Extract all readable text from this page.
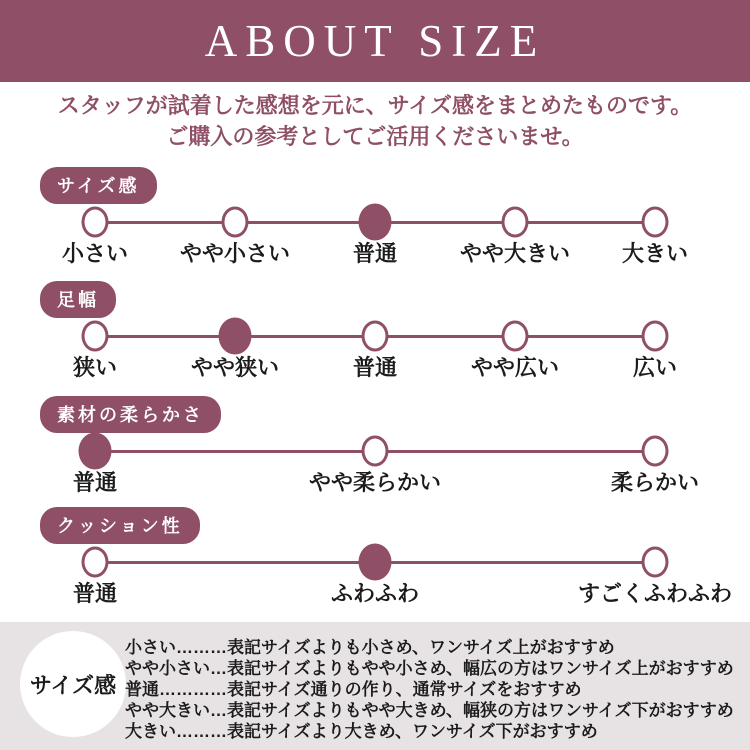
ABOUT SIZE
スタッフが試着した感想を元に、サイズ感をまとめたものです。
ご購入の参考としてご活用くださいませ。
サイズ感
小さい やや小さい	普通	やや大きい 大きい
足幅
狭い	やや狭い	普通	やや広い	広い
素材の柔らかさ
普通	やや柔らかい	柔らかい
クッション性
普通	ふわふわ	すごくふわふわ
サイズ感
小さい………表記サイズよりも小さめ、ワンサイズ上がおすすめ
やや小さい…表記サイズよりもやや小さめ、幅広の方はワンサイズ上がおすすめ
普通…………表記サイズ通りの作り、通常サイズをおすすめ
やや大きい…表記サイズよりもやや大きめ、幅狭の方はワンサイズ下がおすすめ
大きい………表記サイズより大きめ、ワンサイズ下がおすすめ
